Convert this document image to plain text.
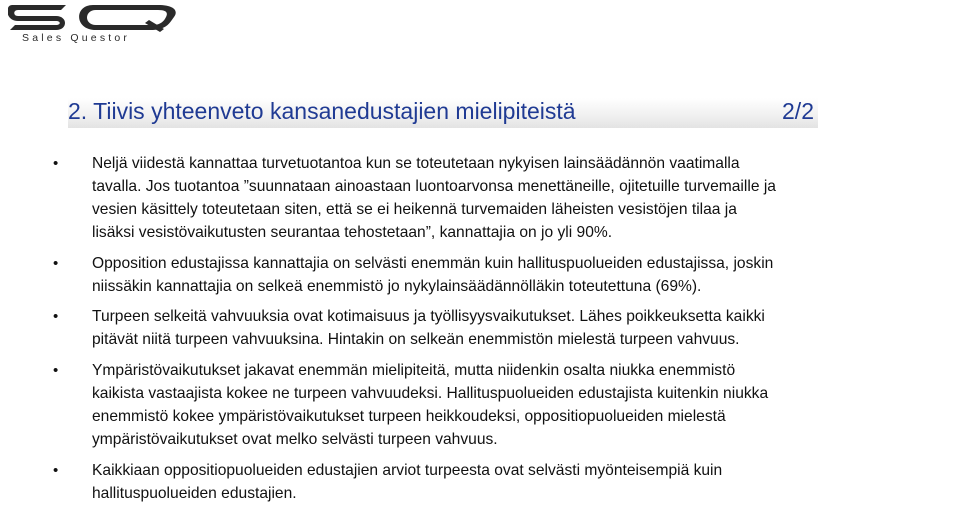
Sales Questor
2. Tiivis yhteenveto kansanedustajien mielipiteistä	2/2
• Neljä viidestä kannattaa turvetuotantoa kun se toteutetaan nykyisen lainsäädännön vaatimalla
tavalla. Jos tuotantoa ”suunnataan ainoastaan luontoarvonsa menettäneille, ojitetuille turvemaille ja
vesien käsittely toteutetaan siten, että se ei heikennä turvemaiden läheisten vesistöjen tilaa ja
lisäksi vesistövaikutusten seurantaa tehostetaan”, kannattajia on jo yli 90%.
• Opposition edustajissa kannattajia on selvästi enemmän kuin hallituspuolueiden edustajissa, joskin
niissäkin kannattajia on selkeä enemmistö jo nykylainsäädännölläkin toteutettuna (69%).
• Turpeen selkeitä vahvuuksia ovat kotimaisuus ja työllisyysvaikutukset. Lähes poikkeuksetta kaikki
pitävät niitä turpeen vahvuuksina. Hintakin on selkeän enemmistön mielestä turpeen vahvuus.
• Ympäristövaikutukset jakavat enemmän mielipiteitä, mutta niidenkin osalta niukka enemmistö
kaikista vastaajista kokee ne turpeen vahvuudeksi. Hallituspuolueiden edustajista kuitenkin niukka
enemmistö kokee ympäristövaikutukset turpeen heikkoudeksi, oppositiopuolueiden mielestä
ympäristövaikutukset ovat melko selvästi turpeen vahvuus.
• Kaikkiaan oppositiopuolueiden edustajien arviot turpeesta ovat selvästi myönteisempiä kuin
hallituspuolueiden edustajien.
